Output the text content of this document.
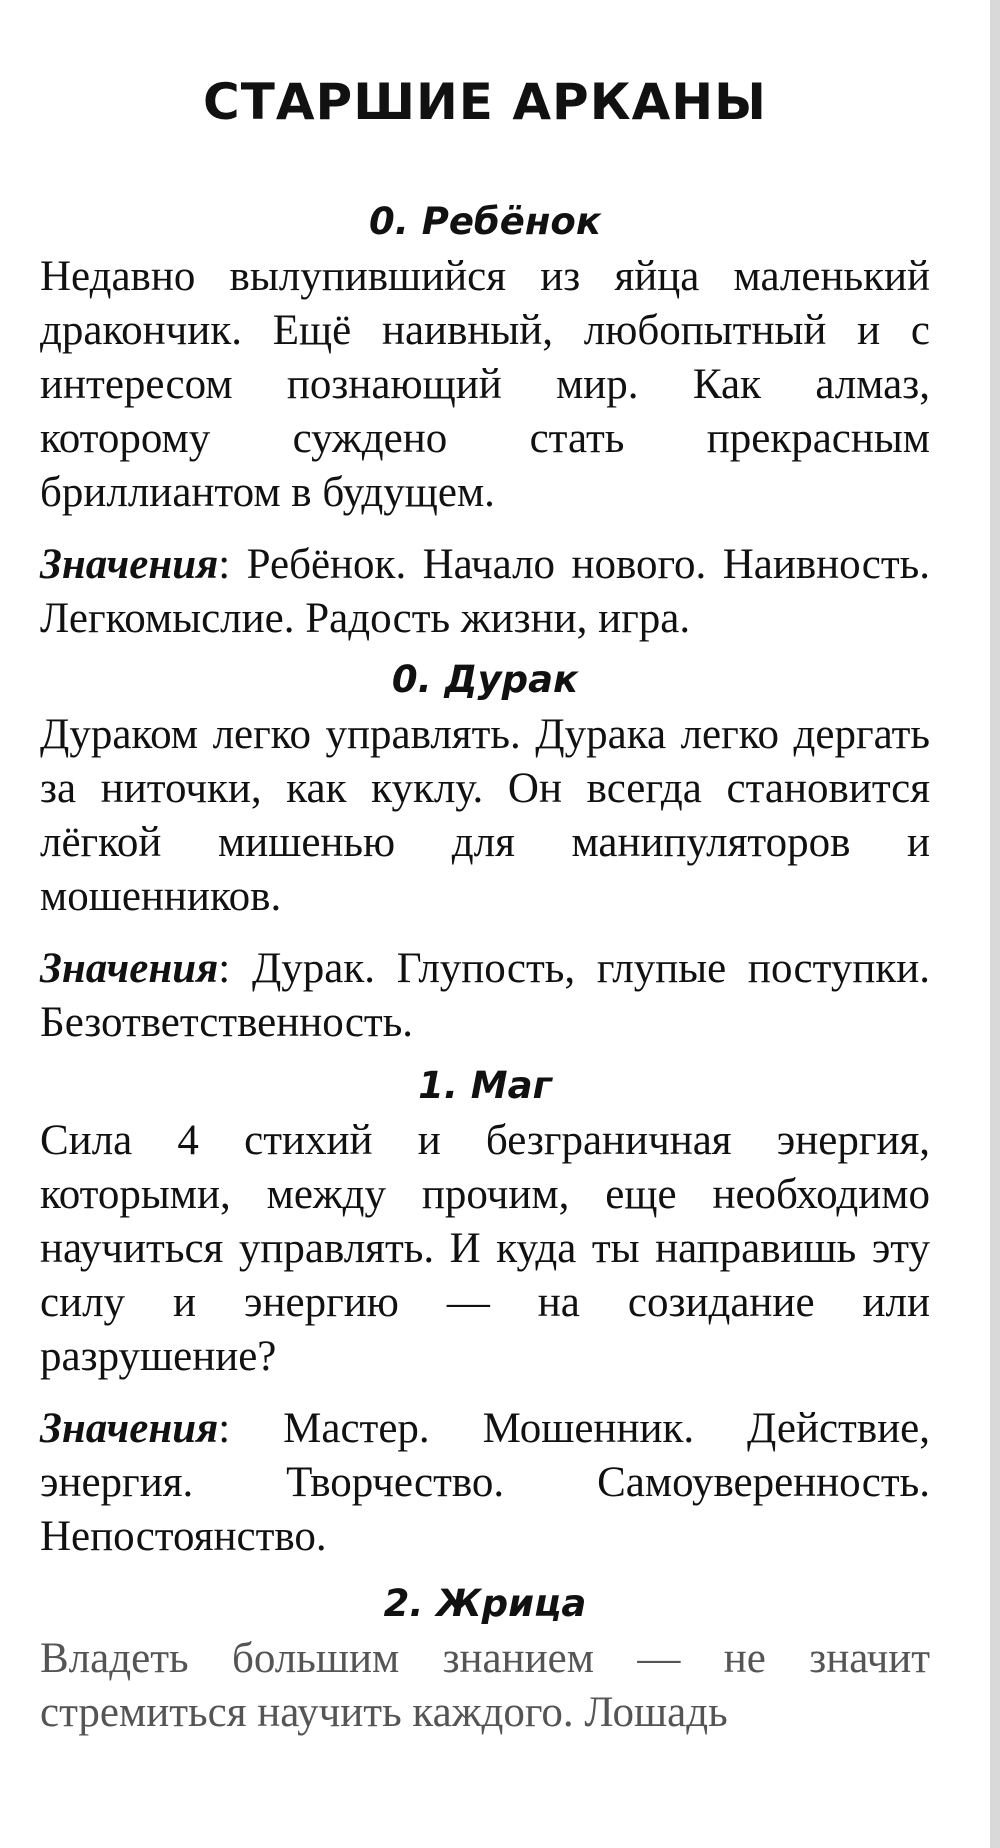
СТАРШИЕ АРКАНЫ
0. Ребёнок

Недавно вылупившийся из яйца маленький дракончик. Ещё наивный, любопытный и с интересом познающий мир. Как алмаз, которому суждено стать прекрасным бриллиантом в будущем.

Значения: Ребёнок. Начало нового. Наивность. Легкомыслие. Радость жизни, игра.

0. Дурак

Дураком легко управлять. Дурака легко дергать за ниточки, как куклу. Он всегда становится лёгкой мишенью для манипуляторов и мошенников.

Значения: Дурак. Глупость, глупые поступки. Безответственность.

1. Маг

Сила 4 стихий и безграничная энергия, которыми, между прочим, еще необходимо научиться управлять. И куда ты направишь эту силу и энергию — на созидание или разрушение?

Значения: Мастер. Мошенник. Действие, энергия. Творчество. Самоуверенность. Непостоянство.

2. Жрица

Владеть большим знанием — не значит стремиться научить каждого. Лошадь
